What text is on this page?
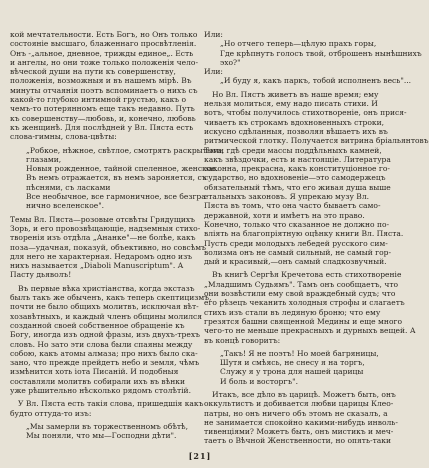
кой мечтательности. Есть Богъ, но Онъ только
состояніе высшаго, блаженнаго просвѣтленія.
Онъ -„альное, дневное, трижды единое„. Есть
и ангелы, но они тоже только положенія чело-
вѣческой души на пути къ совершенству,
положенія, возможныя и въ нашемъ мірѣ. Въ
минуты отчаянія поэтъ вспоминаетъ о нихъ съ
какой-то глубоко интимной грустью, какъ о
чемъ-то потерянномъ еще такъ недавно. Путь
къ совершенству—любовь, и, конечно, любовь
къ женщинѣ. Для послѣдней у Вл. Пяста есть
слова-гимны, слова-цвѣты:
„Робкое, нѣжное, свѣтлое, смотрятъ раскрытыми
глазами,
Новыя рожденное, тайной спеленное, женское.
Въ немъ отражается, въ немъ зароняется, съ
пѣснями, съ ласками
Все необычное, все гармоничное, все безгра-
нично вселенское".
Темы Вл. Пяста—розовые отсвѣты Грядущихъ
Зорь, и его провозвѣщающіе, надземныя стихо-
творенія изъ отдѣла „Ананке"—не болѣе, какъ
поза—удачная, показуй, объективно, но совсѣмъ
для него не характерная. Недаромъ одно изъ
нихъ называется „Diaboli Manuscriptum". А
Пасту дьяволъ!
Въ первые вѣка христіанства, когда экстазъ
былъ такъ же обыченъ, какъ теперь скептицизмъ,
почти не было общихъ молитвъ, исключая вѣт-
хозавѣтныхъ, и каждый членъ общины молился
созданной своей собственное обращеніе къ
Богу, иногда изъ одной фразы, изъ двухъ-трехъ
словъ. Но зато эти слова были спаяны между
собою, какъ атомы алмаза; про нихъ было ска-
зано, что прежде прейдетъ небо и земля, чѣмъ
измѣнится хоть іота Писаній. И подобныя
составляли молитвъ собирали ихъ въ вѣнки
уже рѣшительно нѣсколько рядомъ столѣтій.
У Вл. Пяста есть такія слова, пришедшія какъ
будто оттуда-то изъ:
„Мы замерли въ торжественномъ обѣтѣ,
Мы поняли, что мы—Господни дѣти".
Или:
„Но отчего теперь—цѣлую прахъ горы,
Где крѣпнутъ голосъ твой, отброшенъ нынѣшнихъ
эхо?"
Или:
„И буду я, какъ паркъ, тобой исполненъ весь"...
Но Вл. Пястъ живетъ въ наше время; ему
нельзя молиться, ему надо писать стихи. И
вотъ, чтобы получилось стихотвореніе, онъ прися-
чиваетъ къ строкамъ вдохновенныхъ строки,
искусно сдѣланныя, позволяя вѣшаетъ ихъ въ
ритмической глотку. Получается витрина бріальянтовъ
Тэга, гдѣ среди массы поддѣльныхъ камней,
какъ звѣздочки, есть и настоящіе. Литература
законна, прекрасна, какъ конституціонное го-
сударство, но вдохновеніе—это самодержецъ
обязательный тѣмъ, что его живая душа выше
стальныхъ законовъ. Я упрекаю музу Вл.
Пяста въ томъ, что она часто бываетъ само-
державной, хотя и имѣетъ на это право.
Конечно, только что сказанное не должно по-
вліять на благопріятную оцѣнку книги Вл. Пяста.
Пусть среди молодыхъ лебедей русского сим-
волизма онъ не самый сильный, не самый гор-
дый и красивый,—онъ самый сладкозвучный.
Въ книгѣ Сергѣя Кречетова есть стихотвореніе
„Младшимъ Судьямъ". Тамъ онъ сообщаетъ, что
они возвѣстили ему свой враждебный судъ; что
его рѣзецъ чеканить холодныя строфы и слагаетъ
стихъ изъ стали въ ледяную броню; что ему
грезятся башни священной Медины и еще много
чего-то не меньше прекрасныхъ и дурныхъ вещей. А
въ концѣ говоритъ:
„Такъ! Я не поэтъ! Но моей багряницы,
Шутя и смѣясь, не снесу я на торгъ,
Служу я у трона для нашей царицы
И боль и восторгъ".
Итакъ, все дѣло въ царицѣ. Можетъ быть, онъ
оккультистъ и добивается любви царицы Клео-
патры, но онъ ничего объ этомъ не сказалъ, а
не занимается спокойно какими-нибудь инволь-
тивенціями? Можетъ быть, онъ мистикъ и меч-
таетъ о Вѣчной Женственности, но опять-таки
[21]
